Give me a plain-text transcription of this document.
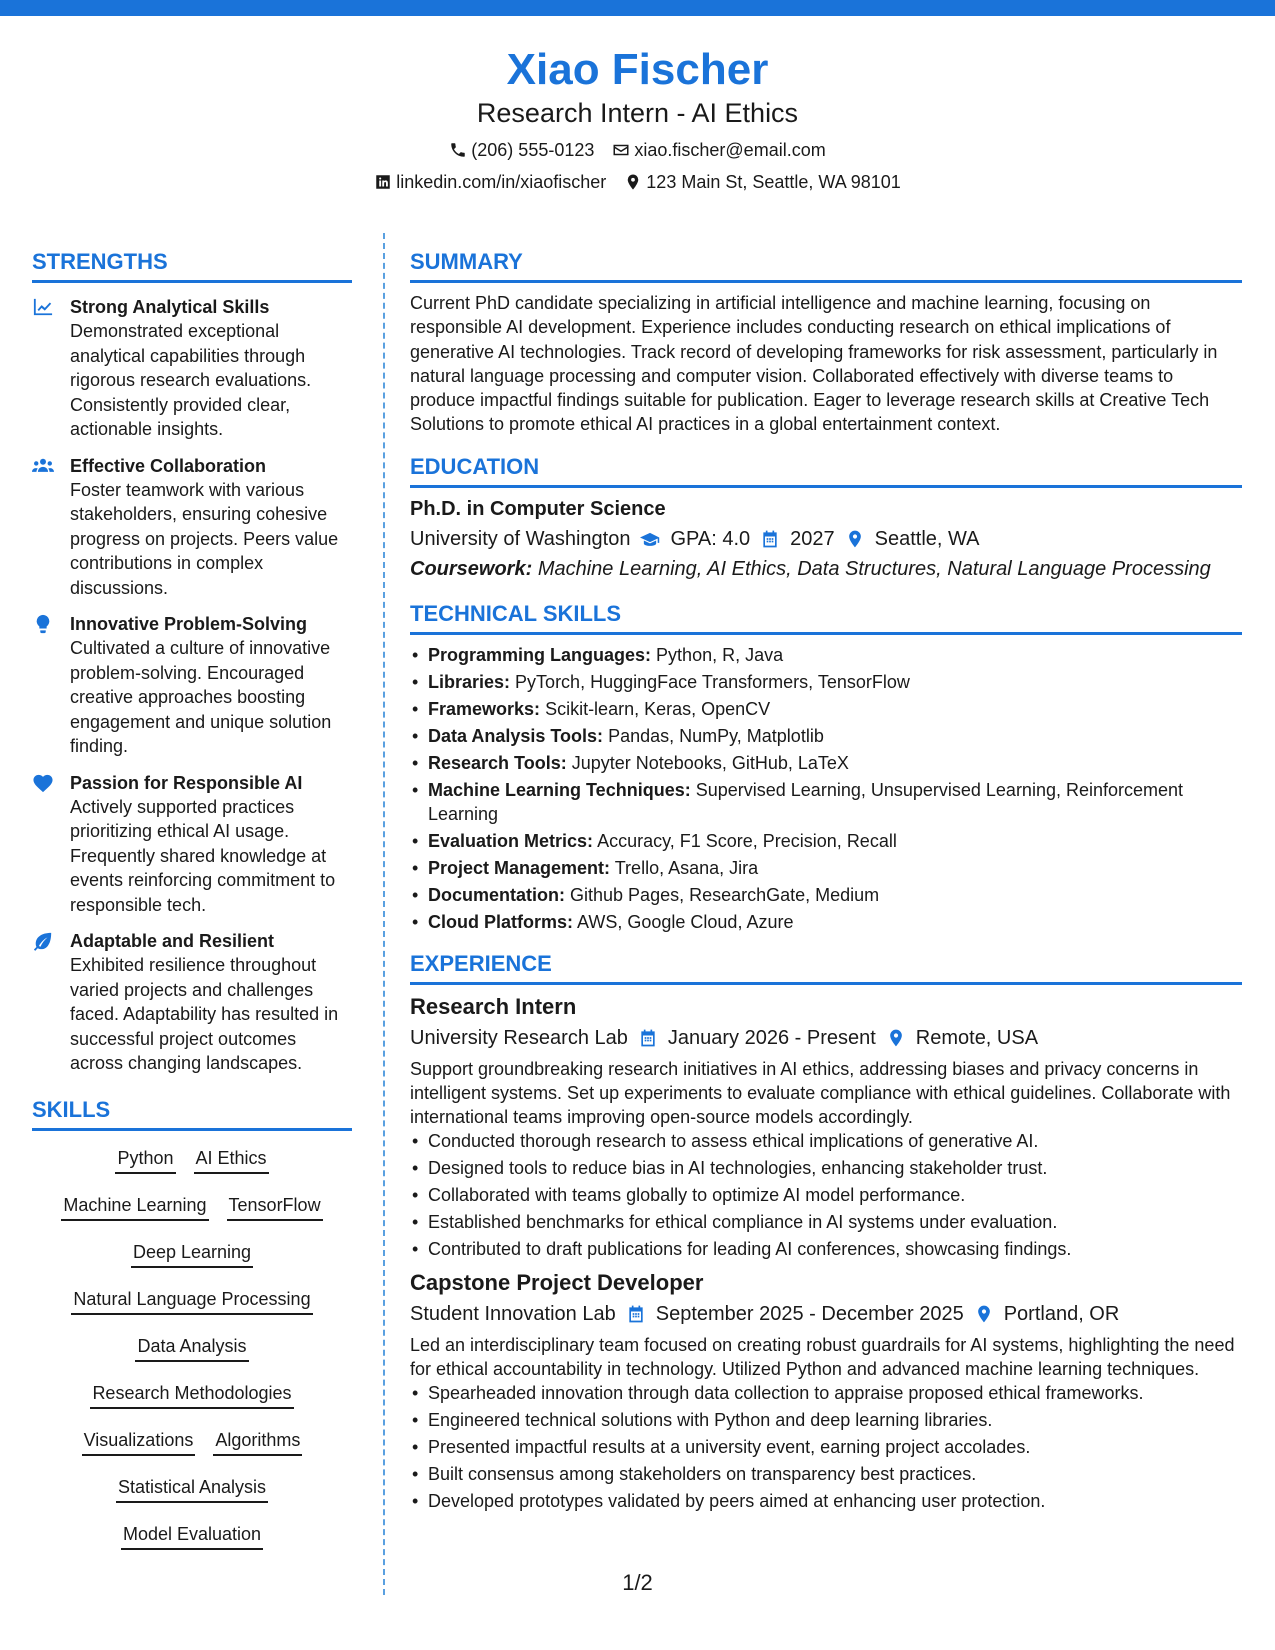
Xiao Fischer
Research Intern - AI Ethics
(206) 555-0123 xiao.fischer@email.com
linkedin.com/in/xiaofischer 123 Main St, Seattle, WA 98101
STRENGTHS
Strong Analytical Skills
Demonstrated exceptional analytical capabilities through rigorous research evaluations. Consistently provided clear, actionable insights.
Effective Collaboration
Foster teamwork with various stakeholders, ensuring cohesive progress on projects. Peers value contributions in complex discussions.
Innovative Problem-Solving
Cultivated a culture of innovative problem-solving. Encouraged creative approaches boosting engagement and unique solution finding.
Passion for Responsible AI
Actively supported practices prioritizing ethical AI usage. Frequently shared knowledge at events reinforcing commitment to responsible tech.
Adaptable and Resilient
Exhibited resilience throughout varied projects and challenges faced. Adaptability has resulted in successful project outcomes across changing landscapes.
SKILLS
Python AI Ethics
Machine Learning TensorFlow
Deep Learning
Natural Language Processing
Data Analysis
Research Methodologies
Visualizations Algorithms
Statistical Analysis
Model Evaluation
SUMMARY
Current PhD candidate specializing in artificial intelligence and machine learning, focusing on responsible AI development. Experience includes conducting research on ethical implications of generative AI technologies. Track record of developing frameworks for risk assessment, particularly in natural language processing and computer vision. Collaborated effectively with diverse teams to produce impactful findings suitable for publication. Eager to leverage research skills at Creative Tech Solutions to promote ethical AI practices in a global entertainment context.
EDUCATION
Ph.D. in Computer Science
University of Washington GPA: 4.0 2027 Seattle, WA
Coursework: Machine Learning, AI Ethics, Data Structures, Natural Language Processing
TECHNICAL SKILLS
• Programming Languages: Python, R, Java
• Libraries: PyTorch, HuggingFace Transformers, TensorFlow
• Frameworks: Scikit-learn, Keras, OpenCV
• Data Analysis Tools: Pandas, NumPy, Matplotlib
• Research Tools: Jupyter Notebooks, GitHub, LaTeX
• Machine Learning Techniques: Supervised Learning, Unsupervised Learning, Reinforcement Learning
• Evaluation Metrics: Accuracy, F1 Score, Precision, Recall
• Project Management: Trello, Asana, Jira
• Documentation: Github Pages, ResearchGate, Medium
• Cloud Platforms: AWS, Google Cloud, Azure
EXPERIENCE
Research Intern
University Research Lab January 2026 - Present Remote, USA
Support groundbreaking research initiatives in AI ethics, addressing biases and privacy concerns in intelligent systems. Set up experiments to evaluate compliance with ethical guidelines. Collaborate with international teams improving open-source models accordingly.
• Conducted thorough research to assess ethical implications of generative AI.
• Designed tools to reduce bias in AI technologies, enhancing stakeholder trust.
• Collaborated with teams globally to optimize AI model performance.
• Established benchmarks for ethical compliance in AI systems under evaluation.
• Contributed to draft publications for leading AI conferences, showcasing findings.
Capstone Project Developer
Student Innovation Lab September 2025 - December 2025 Portland, OR
Led an interdisciplinary team focused on creating robust guardrails for AI systems, highlighting the need for ethical accountability in technology. Utilized Python and advanced machine learning techniques.
• Spearheaded innovation through data collection to appraise proposed ethical frameworks.
• Engineered technical solutions with Python and deep learning libraries.
• Presented impactful results at a university event, earning project accolades.
• Built consensus among stakeholders on transparency best practices.
• Developed prototypes validated by peers aimed at enhancing user protection.
1/2
